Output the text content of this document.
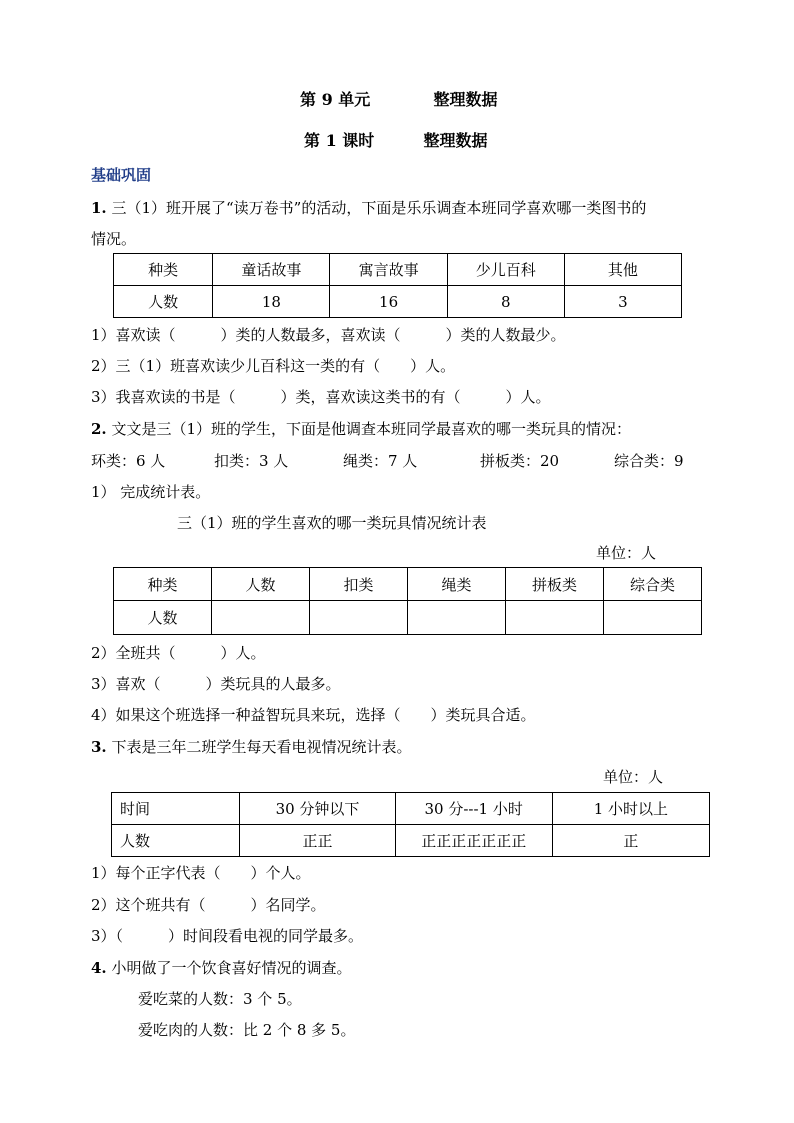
第 9 单元	整理数据
第 1 课时	整理数据
基础巩固
1. 三（1）班开展了“读万卷书”的活动，下面是乐乐调查本班同学喜欢哪一类图书的
情况。
种类	童话故事	寓言故事	少儿百科	其他
人数	18	16	8	3
1）喜欢读（　　　）类的人数最多，喜欢读（　　　）类的人数最少。
2）三（1）班喜欢读少儿百科这一类的有（　　）人。
3）我喜欢读的书是（　　　）类，喜欢读这类书的有（　　　）人。
2. 文文是三（1）班的学生，下面是他调查本班同学最喜欢的哪一类玩具的情况：
环类：6 人	扣类：3 人	绳类：7 人	拼板类：20	综合类：9
1） 完成统计表。
三（1）班的学生喜欢的哪一类玩具情况统计表
单位：人
种类	人数	扣类	绳类	拼板类	综合类
人数					
2）全班共（　　　）人。
3）喜欢（　　　）类玩具的人最多。
4）如果这个班选择一种益智玩具来玩，选择（　　）类玩具合适。
3. 下表是三年二班学生每天看电视情况统计表。
单位：人
时间	30 分钟以下	30 分---1 小时	1 小时以上
人数	正正	正正正正正正正	正
1）每个正字代表（　　）个人。
2）这个班共有（　　　）名同学。
3）（　　　）时间段看电视的同学最多。
4. 小明做了一个饮食喜好情况的调查。
爱吃菜的人数：3 个 5。
爱吃肉的人数：比 2 个 8 多 5。
